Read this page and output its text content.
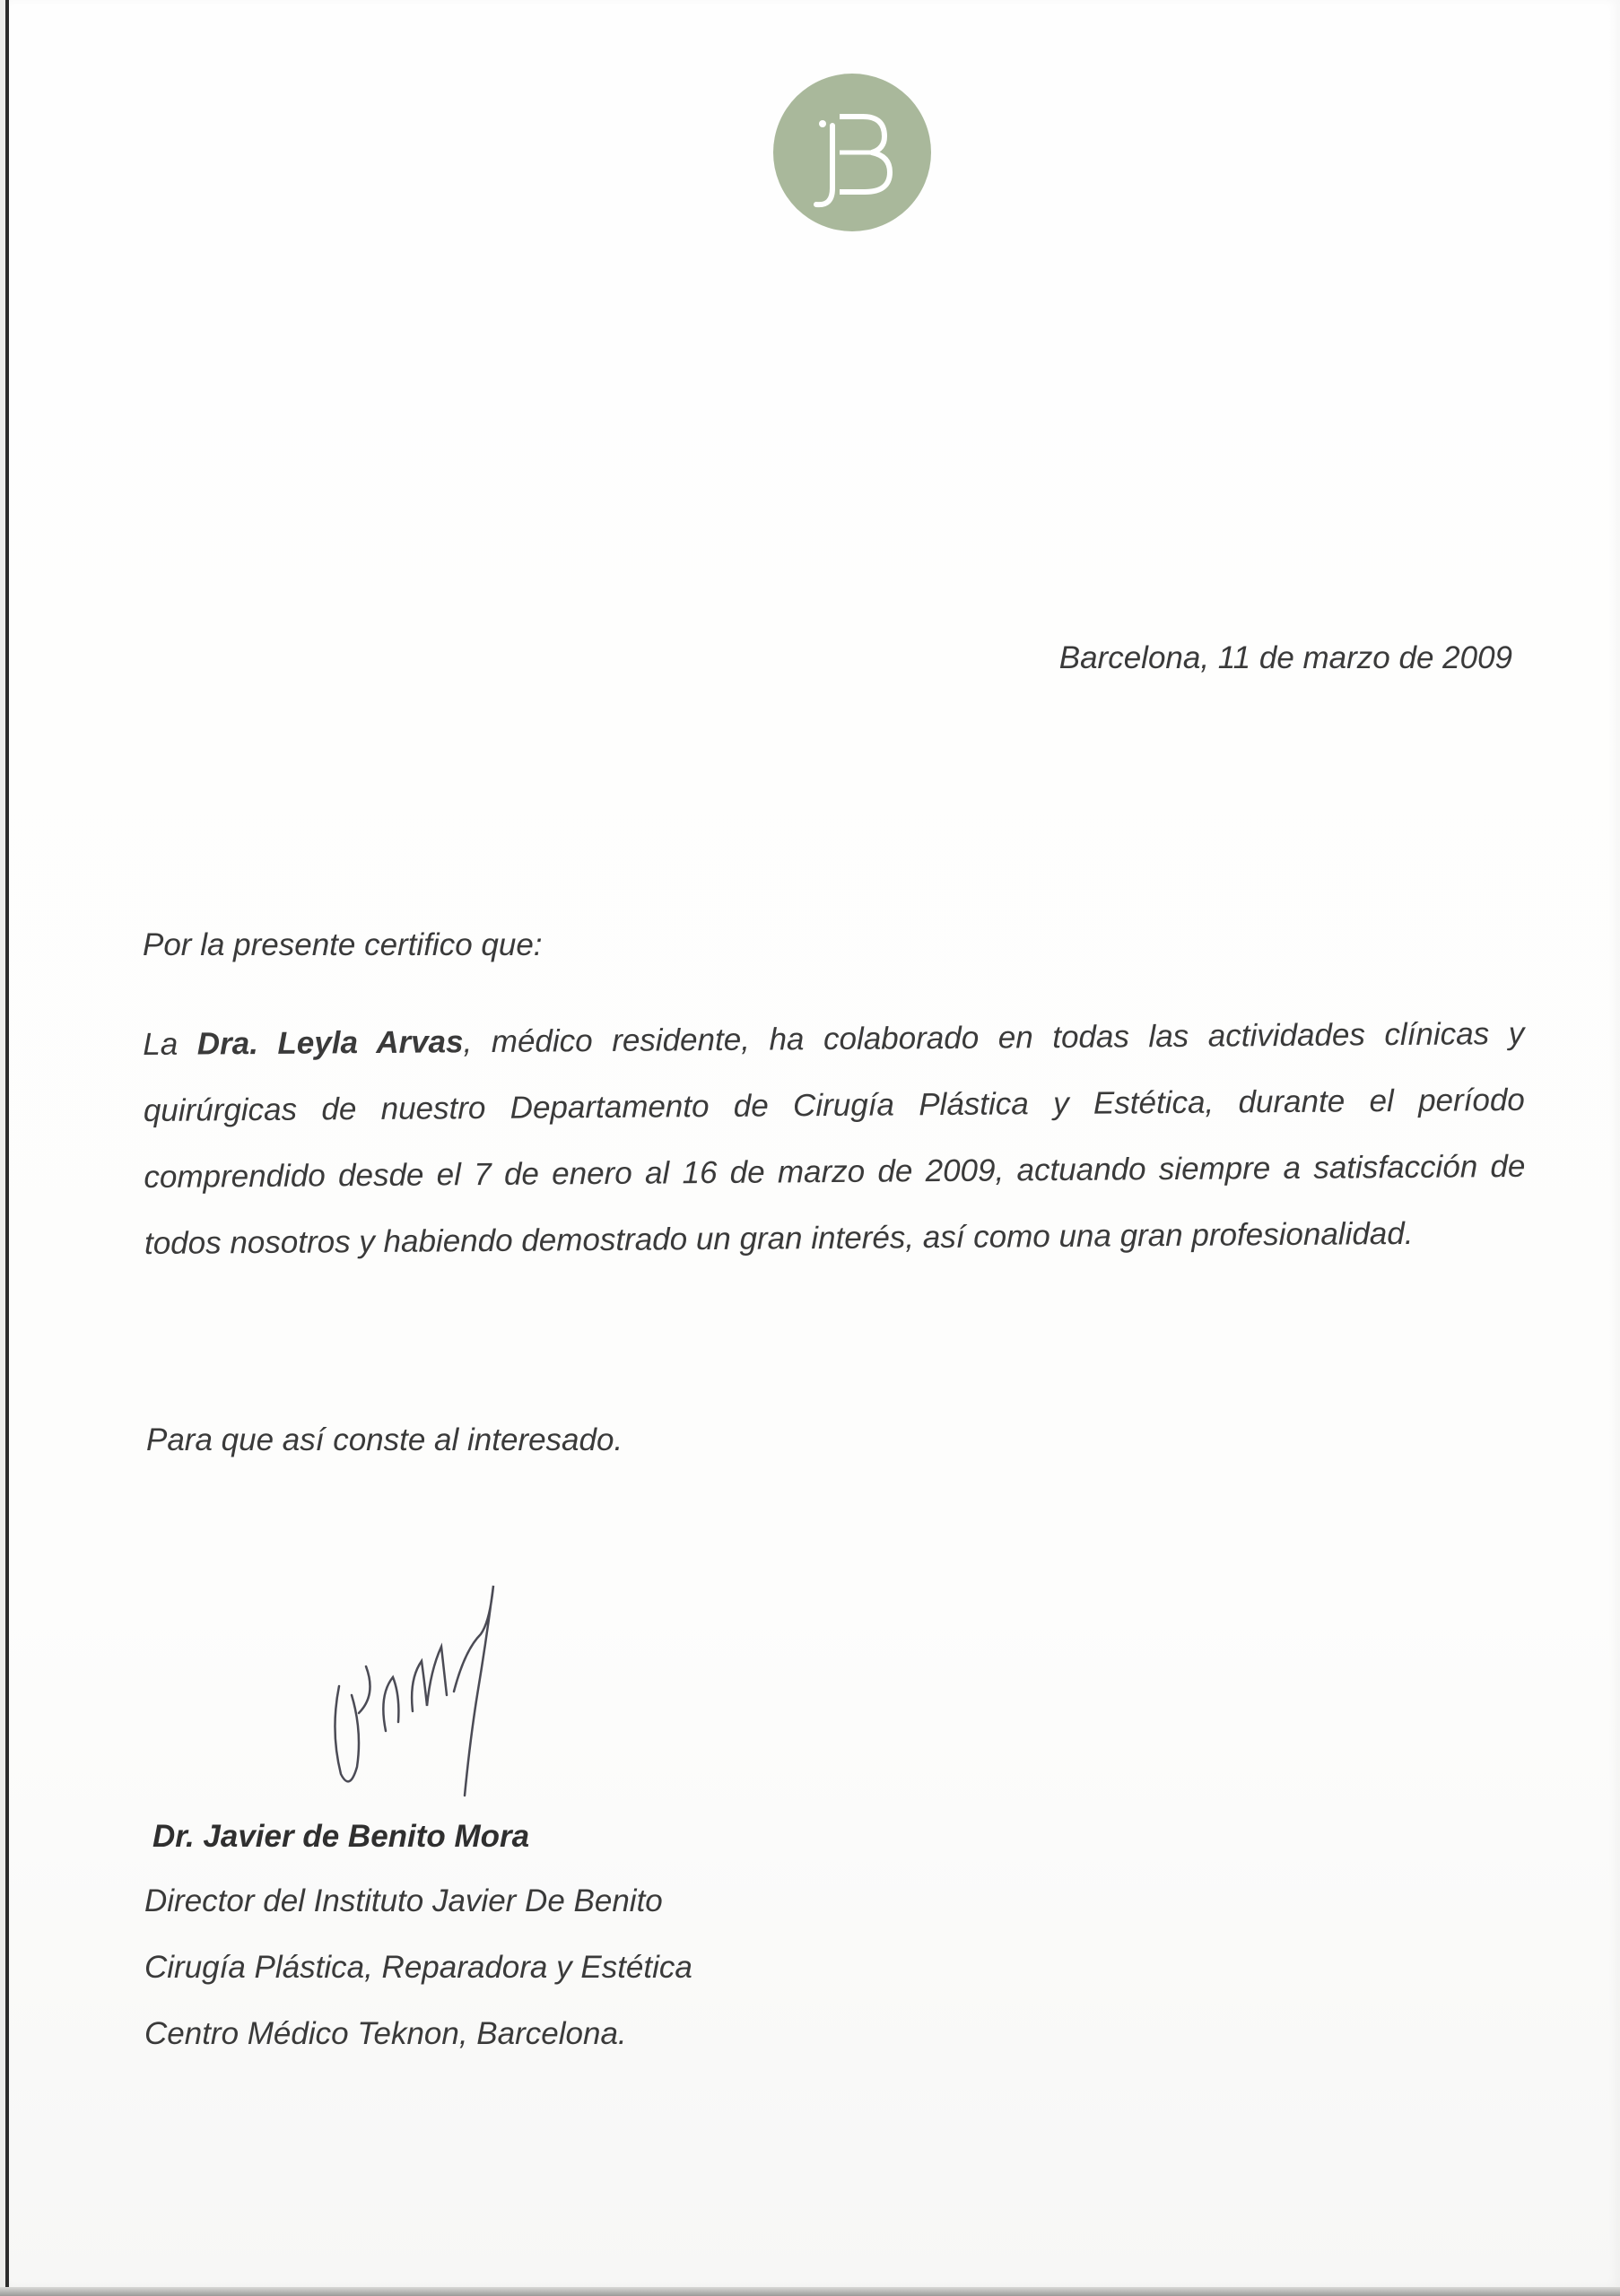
Barcelona, 11 de marzo de 2009
Por la presente certifico que:
La Dra. Leyla Arvas, médico residente, ha colaborado en todas las actividades clínicas y quirúrgicas de nuestro Departamento de Cirugía Plástica y Estética, durante el período comprendido desde el 7 de enero al 16 de marzo de 2009, actuando siempre a satisfacción de todos nosotros y habiendo demostrado un gran interés, así como una gran profesionalidad.
Para que así conste al interesado.
Dr. Javier de Benito Mora
Director del Instituto Javier De Benito
Cirugía Plástica, Reparadora y Estética
Centro Médico Teknon, Barcelona.
